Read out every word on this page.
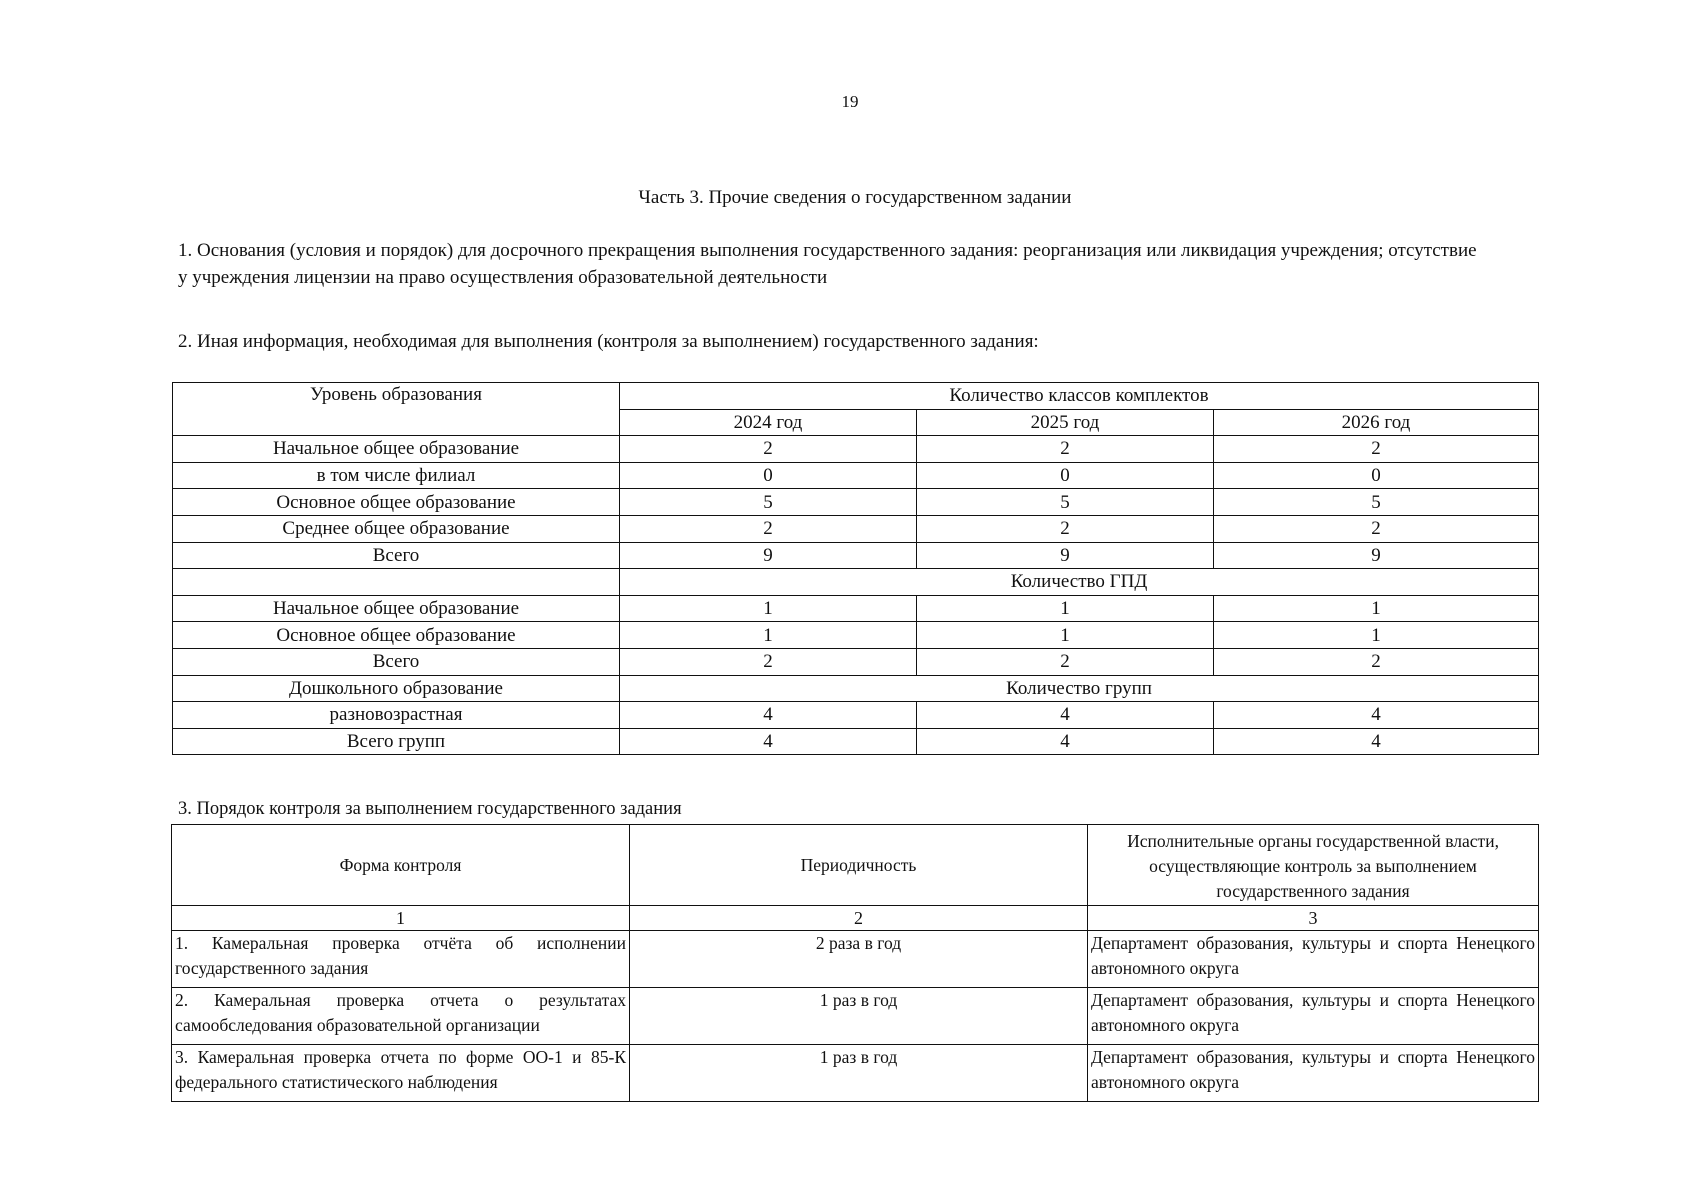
19
Часть 3. Прочие сведения о государственном задании
1. Основания (условия и порядок) для досрочного прекращения выполнения государственного задания: реорганизация или ликвидация учреждения; отсутствие у учреждения лицензии на право осуществления образовательной деятельности
2. Иная информация, необходимая для выполнения (контроля за выполнением) государственного задания:
Уровень образования	Количество классов комплектов		
	2024 год	2025 год	2026 год
Начальное общее образование	2	2	2
в том числе филиал	0	0	0
Основное общее образование	5	5	5
Среднее общее образование	2	2	2
Всего	9	9	9
	Количество ГПД		
Начальное общее образование	1	1	1
Основное общее образование	1	1	1
Всего	2	2	2
Дошкольного образование	Количество групп		
разновозрастная	4	4	4
Всего групп	4	4	4
3. Порядок контроля за выполнением государственного задания
Форма контроля	Периодичность	Исполнительные органы государственной власти, осуществляющие контроль за выполнением государственного задания
1	2	3
1. Камеральная проверка отчёта об исполнении государственного задания	2 раза в год	Департамент образования, культуры и спорта Ненецкого автономного округа
2. Камеральная проверка отчета о результатах самообследования образовательной организации	1 раз в год	Департамент образования, культуры и спорта Ненецкого автономного округа
3. Камеральная проверка отчета по форме ОО-1 и 85-К федерального статистического наблюдения	1 раз в год	Департамент образования, культуры и спорта Ненецкого автономного округа
